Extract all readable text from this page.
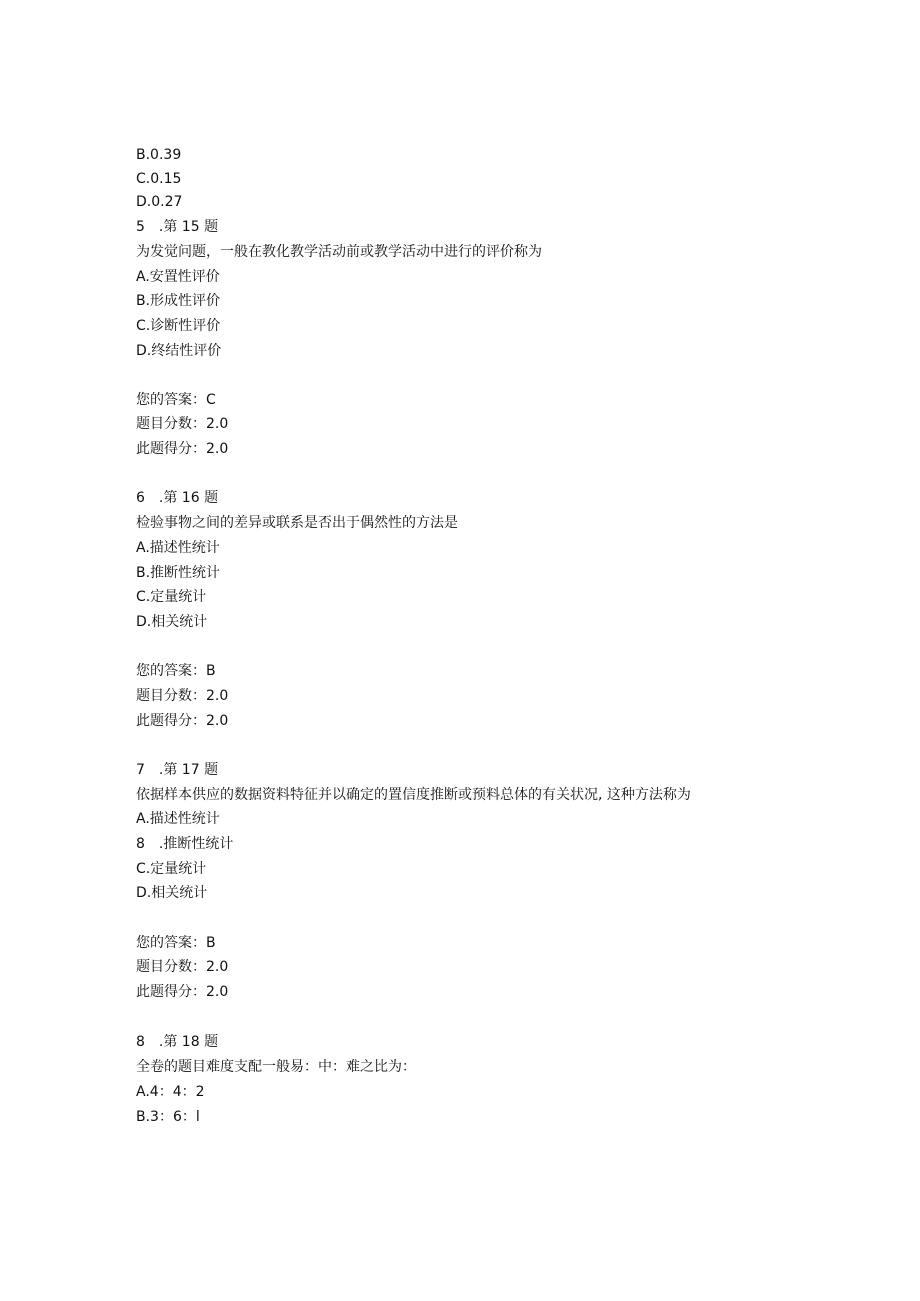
B.0.39
C.0.15
D.0.27
5　.第 15 题
为发觉问题，一般在教化教学活动前或教学活动中进行的评价称为
A.安置性评价
B.形成性评价
C.诊断性评价
D.终结性评价
您的答案：C
题目分数：2.0
此题得分：2.0
6　.第 16 题
检验事物之间的差异或联系是否出于偶然性的方法是
A.描述性统计
B.推断性统计
C.定量统计
D.相关统计
您的答案：B
题目分数：2.0
此题得分：2.0
7　.第 17 题
依据样本供应的数据资料特征并以确定的置信度推断或预料总体的有关状况, 这种方法称为
A.描述性统计
8　.推断性统计
C.定量统计
D.相关统计
您的答案：B
题目分数：2.0
此题得分：2.0
8　.第 18 题
全卷的题目难度支配一般易：中：难之比为：
A.4：4：2
B.3：6：l
